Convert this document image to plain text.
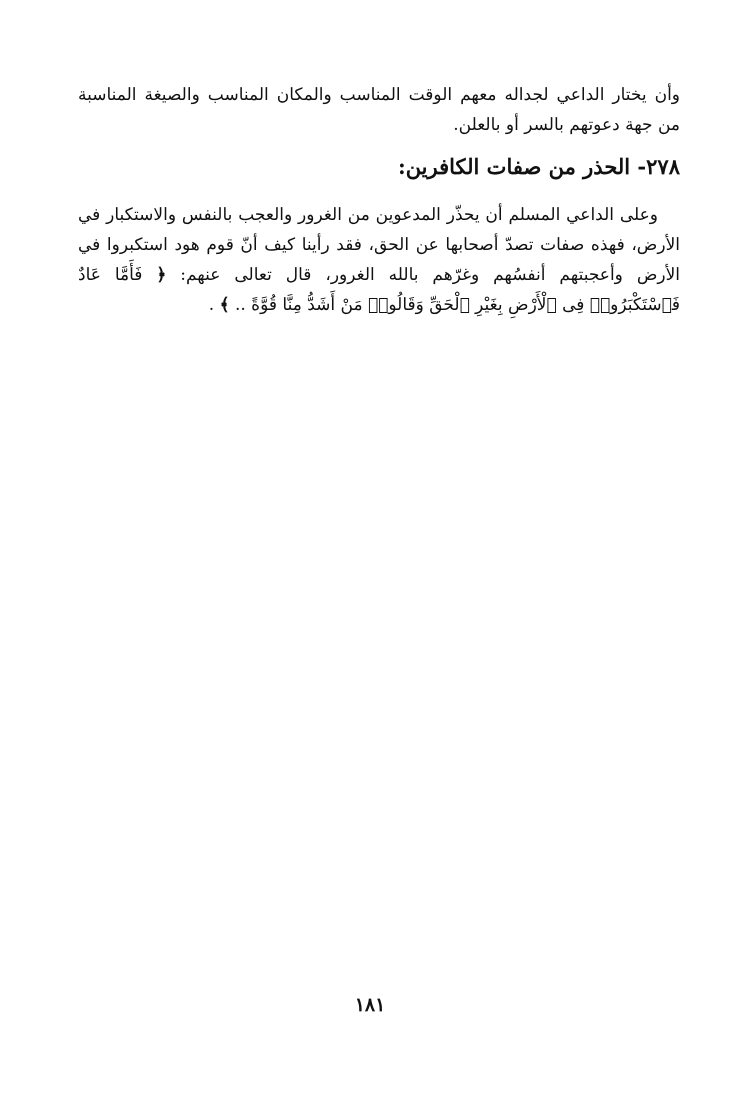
وأن يختار الداعي لجداله معهم الوقت المناسب والمكان المناسب والصيغة المناسبة من جهة دعوتهم بالسر أو بالعلن.

٢٧٨- الحذر من صفات الكافرين:

وعلى الداعي المسلم أن يحذّر المدعوين من الغرور والعجب بالنفس والاستكبار في الأرض، فهذه صفات تصدّ أصحابها عن الحق، فقد رأينا كيف أنّ قوم هود استكبروا في الأرض وأعجبتهم أنفسُهم وغرّهم بالله الغرور، قال تعالى عنهم: ﴿ فَأَمَّا عَادٌ فَٱسْتَكْبَرُوا۟ فِى ٱلْأَرْضِ بِغَيْرِ ٱلْحَقِّ وَقَالُوا۟ مَنْ أَشَدُّ مِنَّا قُوَّةً .. ﴾ .

١٨١
